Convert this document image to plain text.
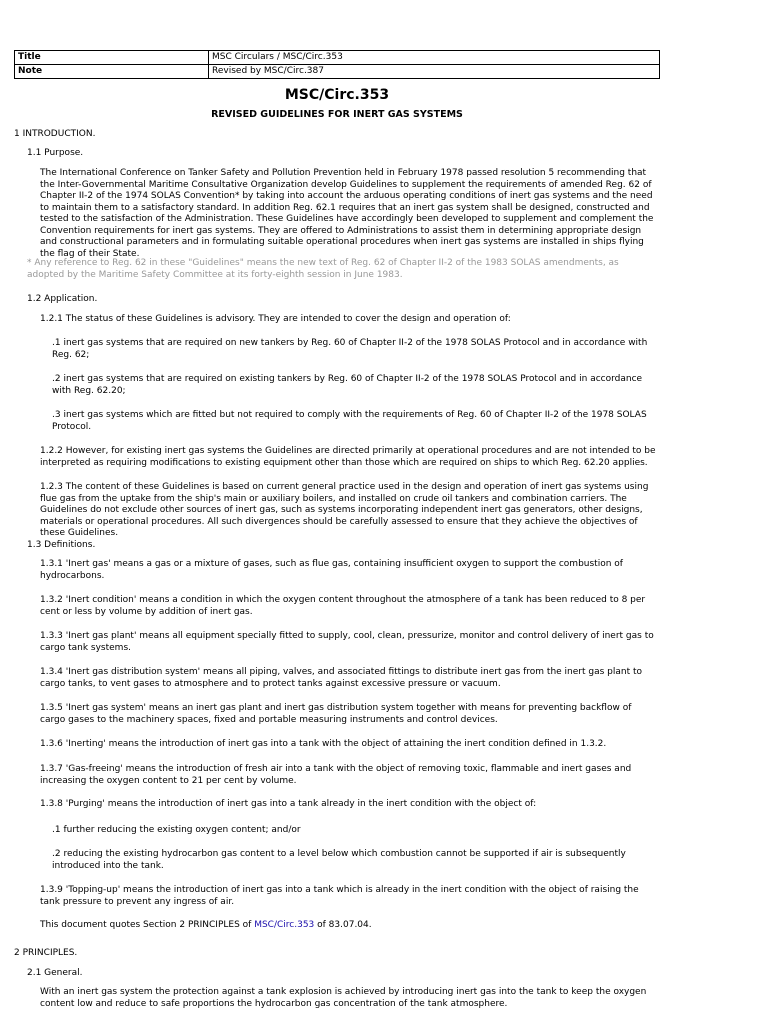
Title	MSC Circulars / MSC/Circ.353
Note	Revised by MSC/Circ.387
MSC/Circ.353
REVISED GUIDELINES FOR INERT GAS SYSTEMS

1 INTRODUCTION.

1.1 Purpose.

The International Conference on Tanker Safety and Pollution Prevention held in February 1978 passed resolution 5 recommending that the Inter-Governmental Maritime Consultative Organization develop Guidelines to supplement the requirements of amended Reg. 62 of Chapter II-2 of the 1974 SOLAS Convention* by taking into account the arduous operating conditions of inert gas systems and the need to maintain them to a satisfactory standard. In addition Reg. 62.1 requires that an inert gas system shall be designed, constructed and tested to the satisfaction of the Administration. These Guidelines have accordingly been developed to supplement and complement the Convention requirements for inert gas systems. They are offered to Administrations to assist them in determining appropriate design and constructional parameters and in formulating suitable operational procedures when inert gas systems are installed in ships flying the flag of their State.

* Any reference to Reg. 62 in these "Guidelines" means the new text of Reg. 62 of Chapter II-2 of the 1983 SOLAS amendments, as adopted by the Maritime Safety Committee at its forty-eighth session in June 1983.

1.2 Application.

1.2.1 The status of these Guidelines is advisory. They are intended to cover the design and operation of:

.1 inert gas systems that are required on new tankers by Reg. 60 of Chapter II-2 of the 1978 SOLAS Protocol and in accordance with Reg. 62;

.2 inert gas systems that are required on existing tankers by Reg. 60 of Chapter II-2 of the 1978 SOLAS Protocol and in accordance with Reg. 62.20;

.3 inert gas systems which are fitted but not required to comply with the requirements of Reg. 60 of Chapter II-2 of the 1978 SOLAS Protocol.

1.2.2 However, for existing inert gas systems the Guidelines are directed primarily at operational procedures and are not intended to be interpreted as requiring modifications to existing equipment other than those which are required on ships to which Reg. 62.20 applies.

1.2.3 The content of these Guidelines is based on current general practice used in the design and operation of inert gas systems using flue gas from the uptake from the ship's main or auxiliary boilers, and installed on crude oil tankers and combination carriers. The Guidelines do not exclude other sources of inert gas, such as systems incorporating independent inert gas generators, other designs, materials or operational procedures. All such divergences should be carefully assessed to ensure that they achieve the objectives of these Guidelines.

1.3 Definitions.

1.3.1 'Inert gas' means a gas or a mixture of gases, such as flue gas, containing insufficient oxygen to support the combustion of hydrocarbons.

1.3.2 'Inert condition' means a condition in which the oxygen content throughout the atmosphere of a tank has been reduced to 8 per cent or less by volume by addition of inert gas.

1.3.3 'Inert gas plant' means all equipment specially fitted to supply, cool, clean, pressurize, monitor and control delivery of inert gas to cargo tank systems.

1.3.4 'Inert gas distribution system' means all piping, valves, and associated fittings to distribute inert gas from the inert gas plant to cargo tanks, to vent gases to atmosphere and to protect tanks against excessive pressure or vacuum.

1.3.5 'Inert gas system' means an inert gas plant and inert gas distribution system together with means for preventing backflow of cargo gases to the machinery spaces, fixed and portable measuring instruments and control devices.

1.3.6 'Inerting' means the introduction of inert gas into a tank with the object of attaining the inert condition defined in 1.3.2.

1.3.7 'Gas-freeing' means the introduction of fresh air into a tank with the object of removing toxic, flammable and inert gases and increasing the oxygen content to 21 per cent by volume.

1.3.8 'Purging' means the introduction of inert gas into a tank already in the inert condition with the object of:

.1 further reducing the existing oxygen content; and/or

.2 reducing the existing hydrocarbon gas content to a level below which combustion cannot be supported if air is subsequently introduced into the tank.

1.3.9 'Topping-up' means the introduction of inert gas into a tank which is already in the inert condition with the object of raising the tank pressure to prevent any ingress of air.

This document quotes Section 2 PRINCIPLES of MSC/Circ.353 of 83.07.04.

2 PRINCIPLES.

2.1 General.

With an inert gas system the protection against a tank explosion is achieved by introducing inert gas into the tank to keep the oxygen content low and reduce to safe proportions the hydrocarbon gas concentration of the tank atmosphere.
